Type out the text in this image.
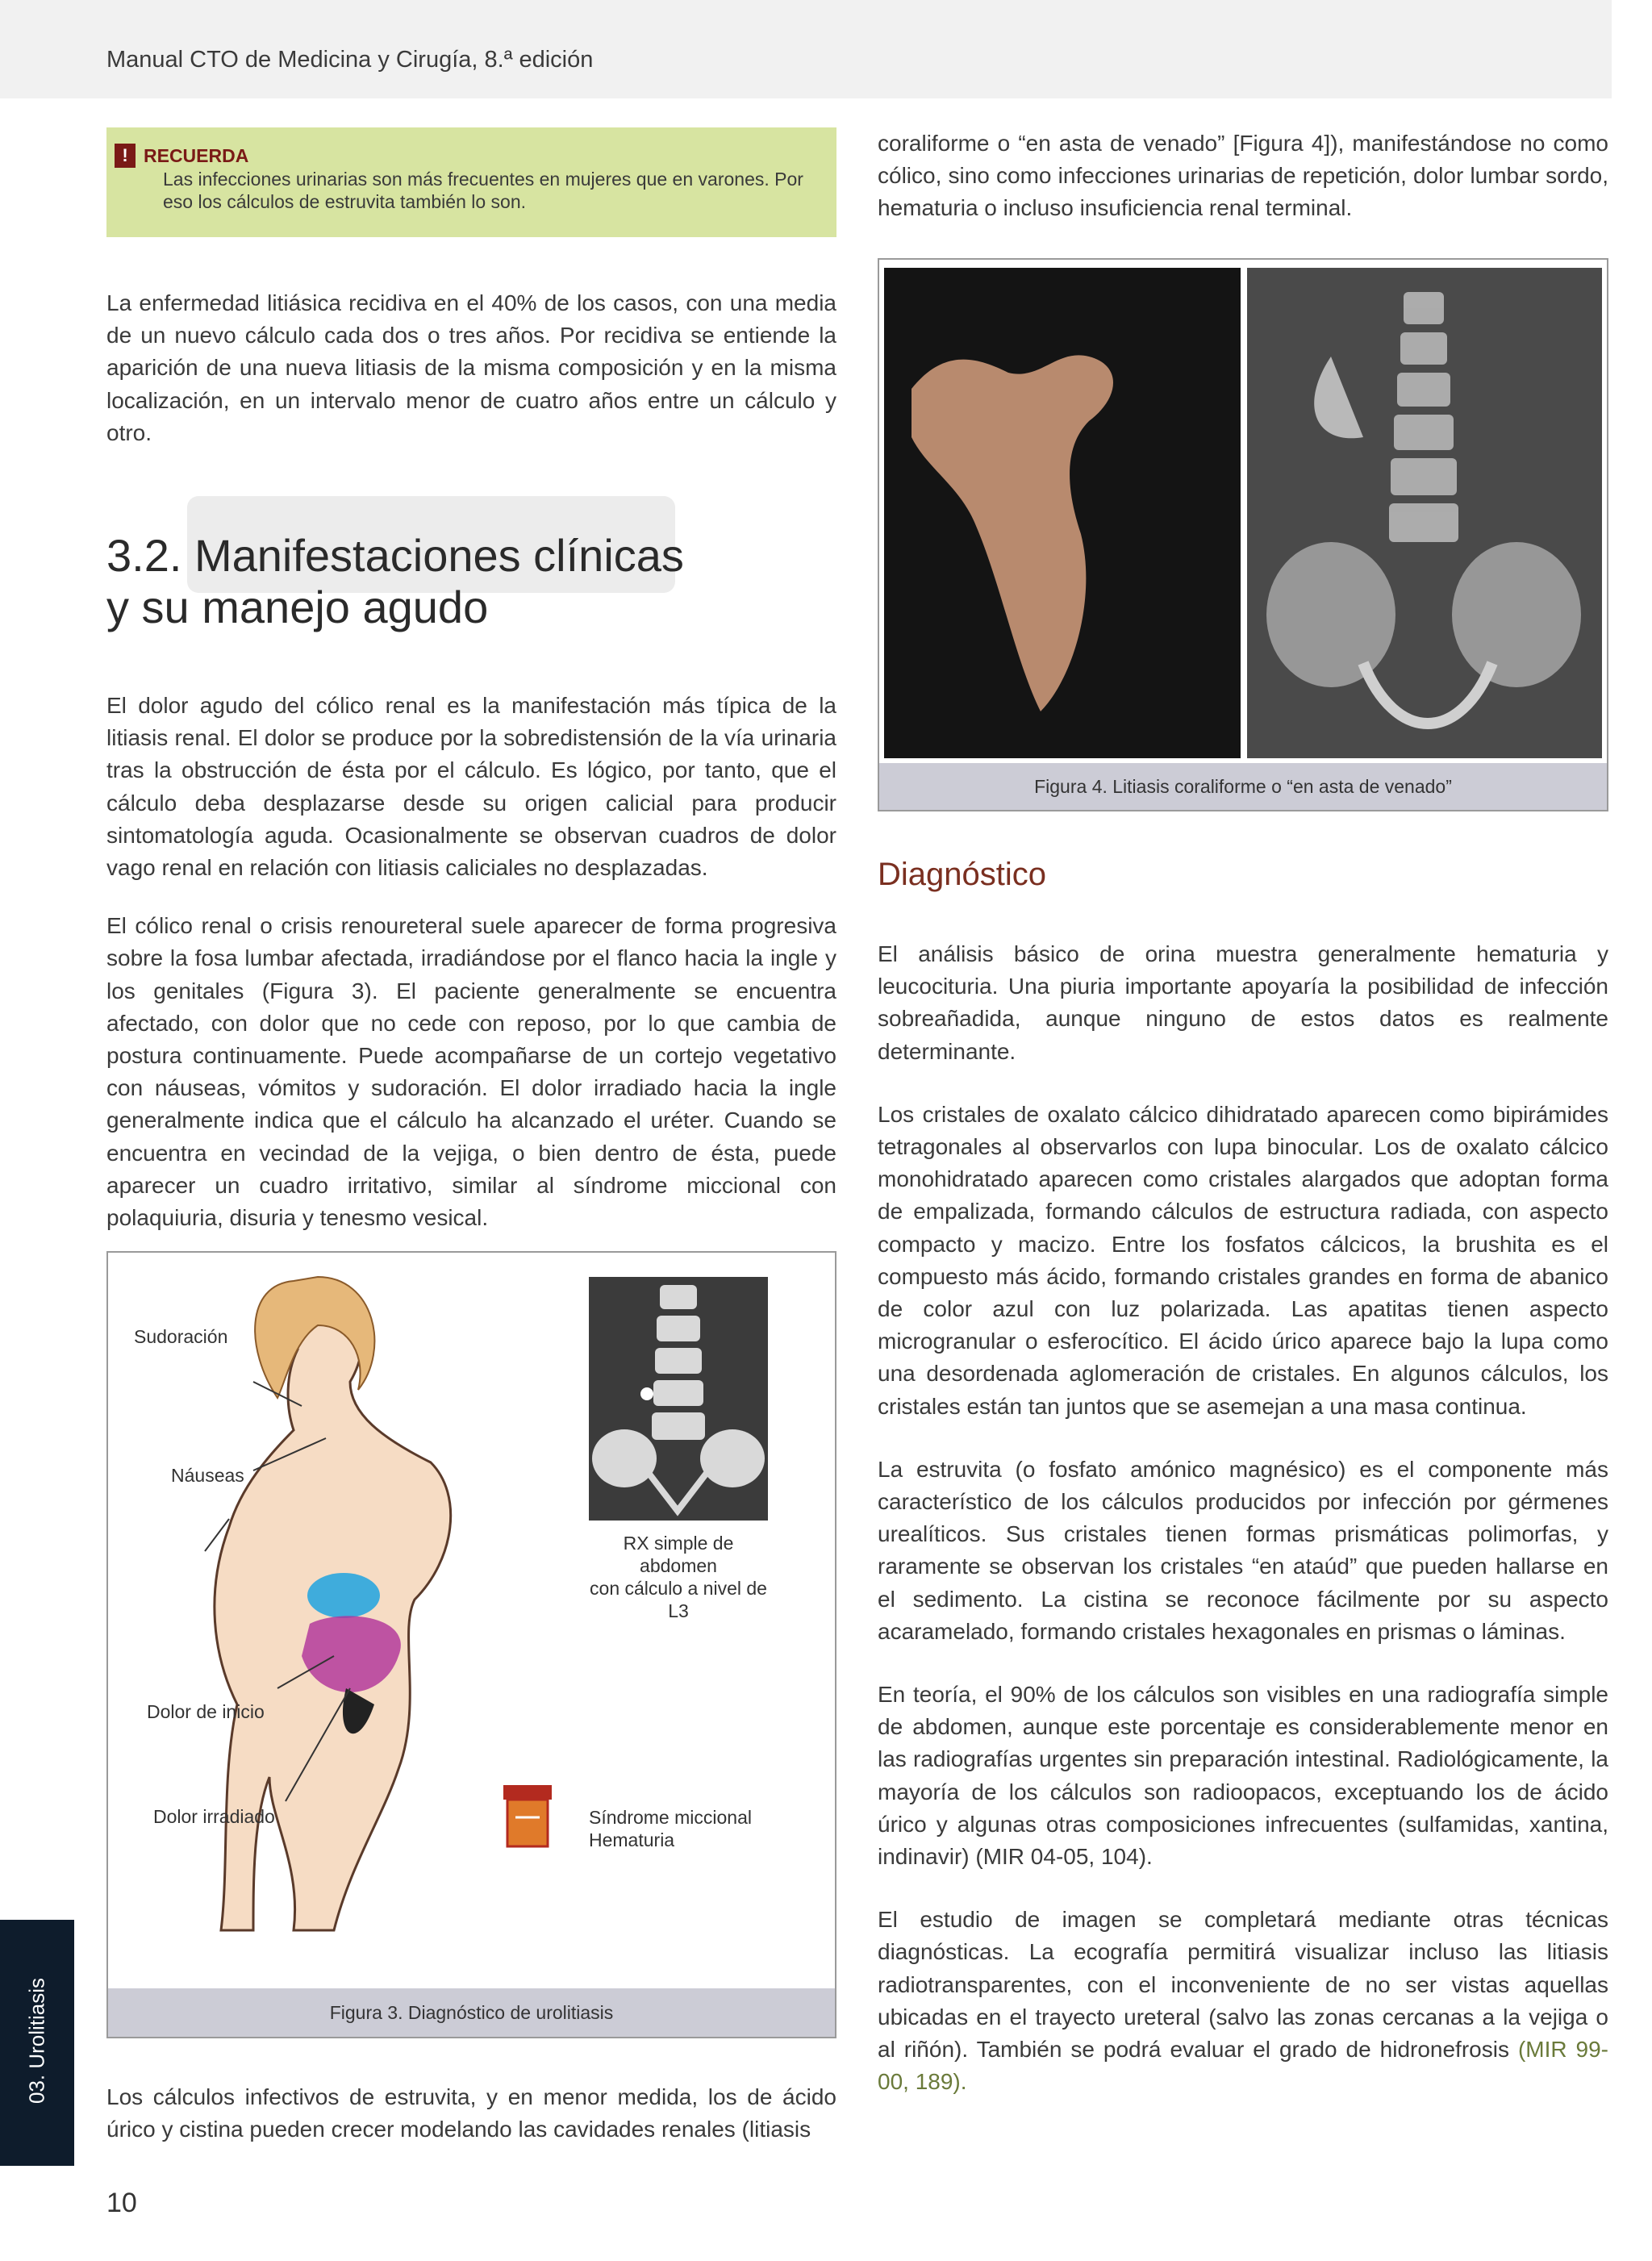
Manual CTO de Medicina y Cirugía, 8.ª edición
! RECUERDA
Las infecciones urinarias son más frecuentes en mujeres que en varones. Por eso los cálculos de estruvita también lo son.

La enfermedad litiásica recidiva en el 40% de los casos, con una media de un nuevo cálculo cada dos o tres años. Por recidiva se entiende la aparición de una nueva litiasis de la misma composición y en la misma localización, en un intervalo menor de cuatro años entre un cálculo y otro.

3.2. Manifestaciones clínicas
y su manejo agudo

El dolor agudo del cólico renal es la manifestación más típica de la litiasis renal. El dolor se produce por la sobredistensión de la vía urinaria tras la obstrucción de ésta por el cálculo. Es lógico, por tanto, que el cálculo deba desplazarse desde su origen calicial para producir sintomatología aguda. Ocasionalmente se observan cuadros de dolor vago renal en relación con litiasis caliciales no desplazadas.

El cólico renal o crisis renoureteral suele aparecer de forma progresiva sobre la fosa lumbar afectada, irradiándose por el flanco hacia la ingle y los genitales (Figura 3). El paciente generalmente se encuentra afectado, con dolor que no cede con reposo, por lo que cambia de postura continuamente. Puede acompañarse de un cortejo vegetativo con náuseas, vómitos y sudoración. El dolor irradiado hacia la ingle generalmente indica que el cálculo ha alcanzado el uréter. Cuando se encuentra en vecindad de la vejiga, o bien dentro de ésta, puede aparecer un cuadro irritativo, similar al síndrome miccional con polaquiuria, disuria y tenesmo vesical.

Sudoración
Náuseas
Dolor de inicio
Dolor irradiado
RX simple de abdomen
con cálculo a nivel de L3
Síndrome miccional
Hematuria
Figura 3. Diagnóstico de urolitiasis

Los cálculos infectivos de estruvita, y en menor medida, los de ácido úrico y cistina pueden crecer modelando las cavidades renales (litiasis

coraliforme o “en asta de venado” [Figura 4]), manifestándose no como cólico, sino como infecciones urinarias de repetición, dolor lumbar sordo, hematuria o incluso insuficiencia renal terminal.

Figura 4. Litiasis coraliforme o “en asta de venado”
Diagnóstico

El análisis básico de orina muestra generalmente hematuria y leucocituria. Una piuria importante apoyaría la posibilidad de infección sobreañadida, aunque ninguno de estos datos es realmente determinante.

Los cristales de oxalato cálcico dihidratado aparecen como bipirámides tetragonales al observarlos con lupa binocular. Los de oxalato cálcico monohidratado aparecen como cristales alargados que adoptan forma de empalizada, formando cálculos de estructura radiada, con aspecto compacto y macizo. Entre los fosfatos cálcicos, la brushita es el compuesto más ácido, formando cristales grandes en forma de abanico de color azul con luz polarizada. Las apatitas tienen aspecto microgranular o esferocítico. El ácido úrico aparece bajo la lupa como una desordenada aglomeración de cristales. En algunos cálculos, los cristales están tan juntos que se asemejan a una masa continua.

La estruvita (o fosfato amónico magnésico) es el componente más característico de los cálculos producidos por infección por gérmenes urealíticos. Sus cristales tienen formas prismáticas polimorfas, y raramente se observan los cristales “en ataúd” que pueden hallarse en el sedimento. La cistina se reconoce fácilmente por su aspecto acaramelado, formando cristales hexagonales en prismas o láminas.

En teoría, el 90% de los cálculos son visibles en una radiografía simple de abdomen, aunque este porcentaje es considerablemente menor en las radiografías urgentes sin preparación intestinal. Radiológicamente, la mayoría de los cálculos son radioopacos, exceptuando los de ácido úrico y algunas otras composiciones infrecuentes (sulfamidas, xantina, indinavir) (MIR 04-05, 104).

El estudio de imagen se completará mediante otras técnicas diagnósticas. La ecografía permitirá visualizar incluso las litiasis radiotransparentes, con el inconveniente de no ser vistas aquellas ubicadas en el trayecto ureteral (salvo las zonas cercanas a la vejiga o al riñón). También se podrá evaluar el grado de hidronefrosis (MIR 99-00, 189).

03. Urolitiasis
10
